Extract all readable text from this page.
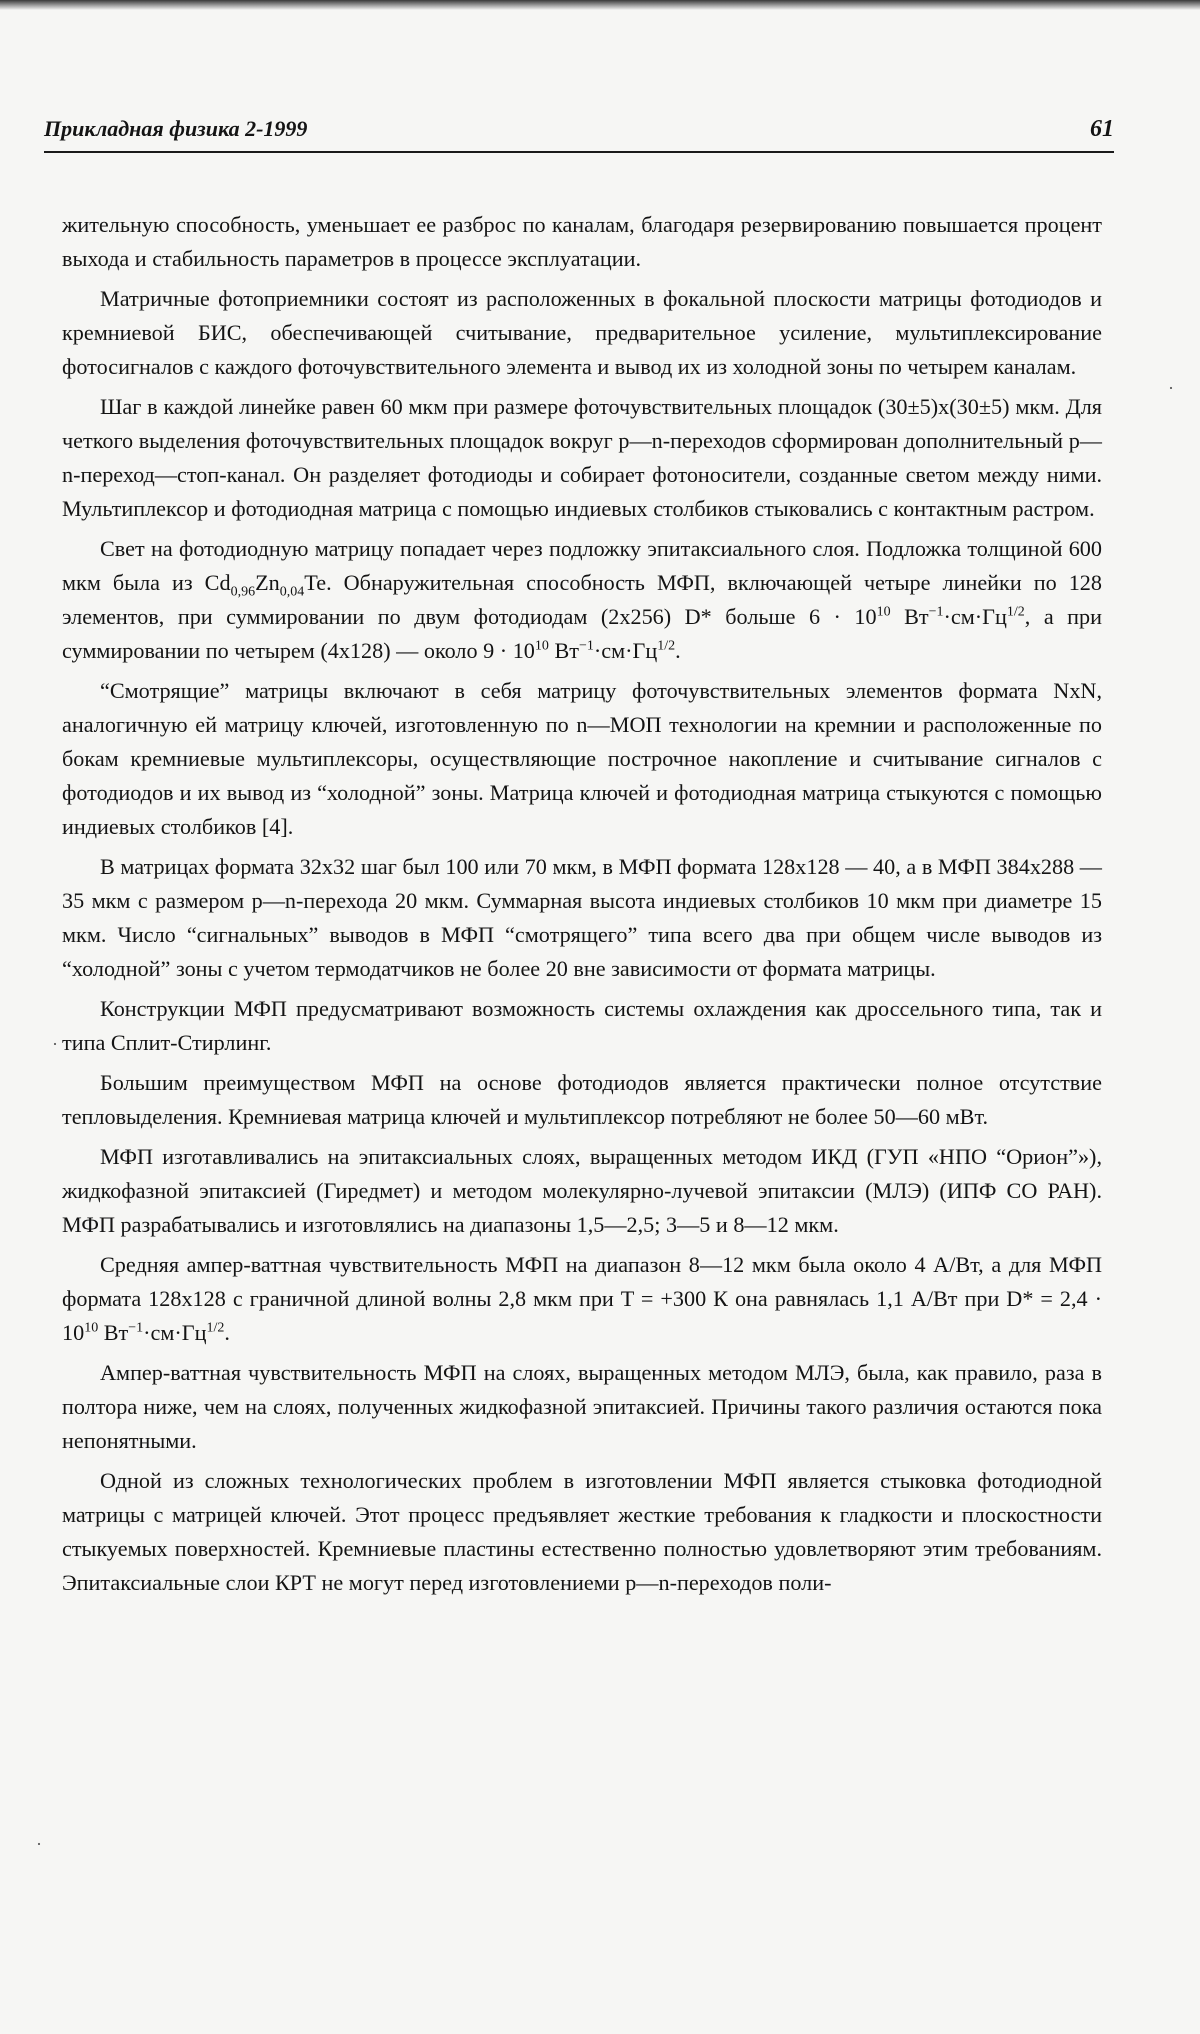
Прикладная физика 2-1999	61

жительную способность, уменьшает ее разброс по каналам, благодаря резервированию повышается процент выхода и стабильность параметров в процессе эксплуатации.

Матричные фотоприемники состоят из расположенных в фокальной плоскости матрицы фотодиодов и кремниевой БИС, обеспечивающей считывание, предварительное усиление, мультиплексирование фотосигналов с каждого фоточувствительного элемента и вывод их из холодной зоны по четырем каналам.

Шаг в каждой линейке равен 60 мкм при размере фоточувствительных площадок (30±5)x(30±5) мкм. Для четкого выделения фоточувствительных площадок вокруг p—n-переходов сформирован дополнительный p—n-переход—стоп-канал. Он разделяет фотодиоды и собирает фотоносители, созданные светом между ними. Мультиплексор и фотодиодная матрица с помощью индиевых столбиков стыковались с контактным растром.

Свет на фотодиодную матрицу попадает через подложку эпитаксиального слоя. Подложка толщиной 600 мкм была из $Cd_{0,96}Zn_{0,04}Te$. Обнаружительная способность МФП, включающей четыре линейки по 128 элементов, при суммировании по двум фотодиодам (2x256) D* больше $6 \cdot 10^{10}$ $Вт^{-1}\cdot см\cdot Гц^{1/2}$, а при суммировании по четырем (4x128) — около $9 \cdot 10^{10}$ $Вт^{-1}\cdot см\cdot Гц^{1/2}$.

“Смотрящие” матрицы включают в себя матрицу фоточувствительных элементов формата NxN, аналогичную ей матрицу ключей, изготовленную по n—МОП технологии на кремнии и расположенные по бокам кремниевые мультиплексоры, осуществляющие построчное накопление и считывание сигналов с фотодиодов и их вывод из “холодной” зоны. Матрица ключей и фотодиодная матрица стыкуются с помощью индиевых столбиков [4].

В матрицах формата 32x32 шаг был 100 или 70 мкм, в МФП формата 128x128 — 40, а в МФП 384x288 — 35 мкм с размером p—n-перехода 20 мкм. Суммарная высота индиевых столбиков 10 мкм при диаметре 15 мкм. Число “сигнальных” выводов в МФП “смотрящего” типа всего два при общем числе выводов из “холодной” зоны с учетом термодатчиков не более 20 вне зависимости от формата матрицы.

Конструкции МФП предусматривают возможность системы охлаждения как дроссельного типа, так и типа Сплит-Стирлинг.

Большим преимуществом МФП на основе фотодиодов является практически полное отсутствие тепловыделения. Кремниевая матрица ключей и мультиплексор потребляют не более 50—60 мВт.

МФП изготавливались на эпитаксиальных слоях, выращенных методом ИКД (ГУП «НПО “Орион”»), жидкофазной эпитаксией (Гиредмет) и методом молекулярно-лучевой эпитаксии (МЛЭ) (ИПФ СО РАН). МФП разрабатывались и изготовлялись на диапазоны 1,5—2,5; 3—5 и 8—12 мкм.

Средняя ампер-ваттная чувствительность МФП на диапазон 8—12 мкм была около 4 А/Вт, а для МФП формата 128x128 с граничной длиной волны 2,8 мкм при T = +300 К она равнялась 1,1 А/Вт при $D* = 2,4 \cdot 10^{10}$ $Вт^{-1}\cdot см\cdot Гц^{1/2}$.

Ампер-ваттная чувствительность МФП на слоях, выращенных методом МЛЭ, была, как правило, раза в полтора ниже, чем на слоях, полученных жидкофазной эпитаксией. Причины такого различия остаются пока непонятными.

Одной из сложных технологических проблем в изготовлении МФП является стыковка фотодиодной матрицы с матрицей ключей. Этот процесс предъявляет жесткие требования к гладкости и плоскостности стыкуемых поверхностей. Кремниевые пластины естественно полностью удовлетворяют этим требованиям. Эпитаксиальные слои КРТ не могут перед изготовлениеми p—n-переходов поли-

·
·
·
